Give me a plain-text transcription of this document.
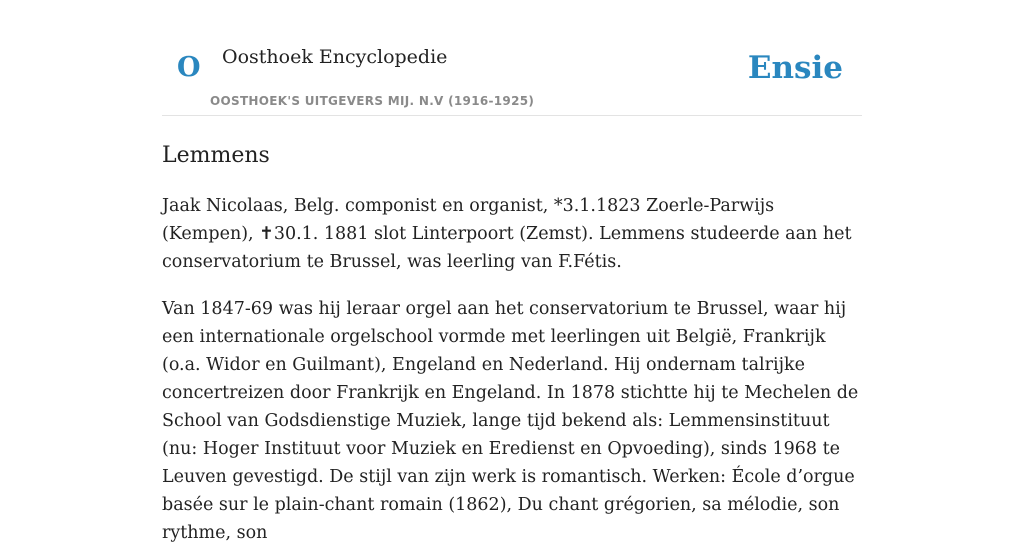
O Oosthoek Encyclopedie
OOSTHOEK'S UITGEVERS MIJ. N.V (1916-1925)
Ensie
Lemmens

Jaak Nicolaas, Belg. componist en organist, *3.1.1823 Zoerle-Parwijs (Kempen), ✝30.1. 1881 slot Linterpoort (Zemst). Lemmens studeerde aan het conservatorium te Brussel, was leerling van F.Fétis.

Van 1847-69 was hij leraar orgel aan het conservatorium te Brussel, waar hij een internationale orgelschool vormde met leerlingen uit België, Frankrijk (o.a. Widor en Guilmant), Engeland en Nederland. Hij ondernam talrijke concertreizen door Frankrijk en Engeland. In 1878 stichtte hij te Mechelen de School van Godsdienstige Muziek, lange tijd bekend als: Lemmensinstituut (nu: Hoger Instituut voor Muziek en Eredienst en Opvoeding), sinds 1968 te Leuven gevestigd. De stijl van zijn werk is romantisch. Werken: École d’orgue basée sur le plain-chant romain (1862), Du chant grégorien, sa mélodie, son rythme, son
